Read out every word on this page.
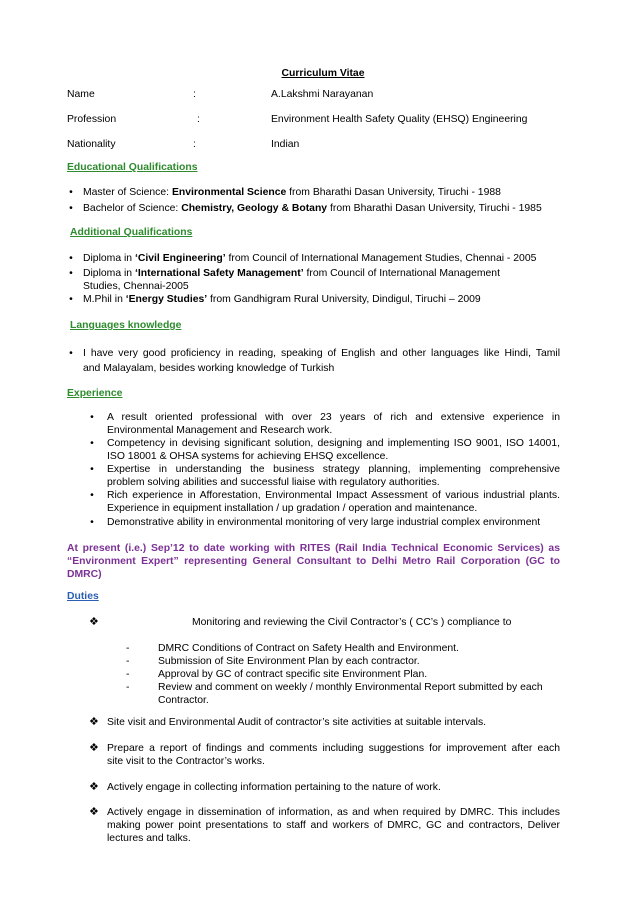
Curriculum Vitae
Name	:	A.Lakshmi Narayanan
Profession	:	Environment Health Safety Quality (EHSQ) Engineering
Nationality	:	Indian
Educational Qualifications
• Master of Science: Environmental Science from Bharathi Dasan University, Tiruchi - 1988
• Bachelor of Science: Chemistry, Geology & Botany from Bharathi Dasan University, Tiruchi - 1985
Additional Qualifications
• Diploma in ‘Civil Engineering’ from Council of International Management Studies, Chennai - 2005
• Diploma in ‘International Safety Management’ from Council of International Management
Studies, Chennai-2005
• M.Phil in ‘Energy Studies’ from Gandhigram Rural University, Dindigul, Tiruchi – 2009
Languages knowledge
• I have very good proficiency in reading, speaking of English and other languages like Hindi, Tamil
and Malayalam, besides working knowledge of Turkish
Experience
• A result oriented professional with over 23 years of rich and extensive experience in
Environmental Management and Research work.
• Competency in devising significant solution, designing and implementing ISO 9001, ISO 14001,
ISO 18001 & OHSA systems for achieving EHSQ excellence.
• Expertise in understanding the business strategy planning, implementing comprehensive
problem solving abilities and successful liaise with regulatory authorities.
• Rich experience in Afforestation, Environmental Impact Assessment of various industrial plants.
Experience in equipment installation / up gradation / operation and maintenance.
• Demonstrative ability in environmental monitoring of very large industrial complex environment
At present (i.e.) Sep’12 to date working with RITES (Rail India Technical Economic Services) as
“Environment Expert” representing General Consultant to Delhi Metro Rail Corporation (GC to
DMRC)
Duties
❖	Monitoring and reviewing the Civil Contractor’s ( CC’s ) compliance to
-	DMRC Conditions of Contract on Safety Health and Environment.
-	Submission of Site Environment Plan by each contractor.
-	Approval by GC of contract specific site Environment Plan.
-	Review and comment on weekly / monthly Environmental Report submitted by each
Contractor.
❖ Site visit and Environmental Audit of contractor’s site activities at suitable intervals.
❖ Prepare a report of findings and comments including suggestions for improvement after each
site visit to the Contractor’s works.
❖ Actively engage in collecting information pertaining to the nature of work.
❖ Actively engage in dissemination of information, as and when required by DMRC. This includes
making power point presentations to staff and workers of DMRC, GC and contractors, Deliver
lectures and talks.
